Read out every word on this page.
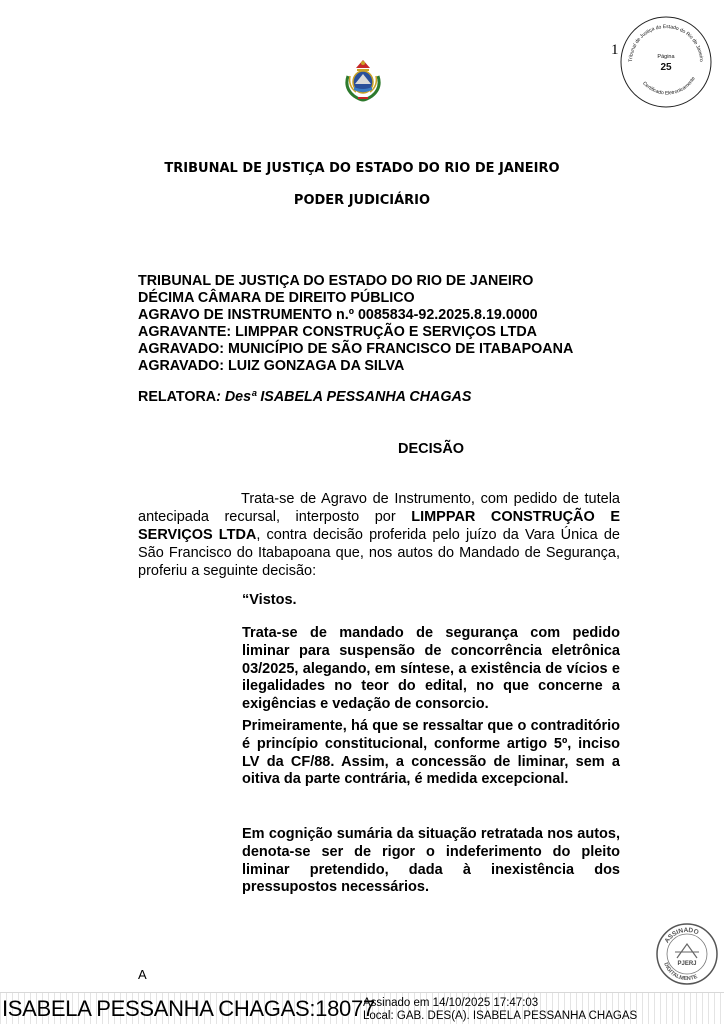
1
Tribunal de Justiça do Estado do Rio de Janeiro
Certificado Eletronicamente
Página
25
TRIBUNAL DE JUSTIÇA DO ESTADO DO RIO DE JANEIRO
PODER JUDICIÁRIO
TRIBUNAL DE JUSTIÇA DO ESTADO DO RIO DE JANEIRO
DÉCIMA CÂMARA DE DIREITO PÚBLICO
AGRAVO DE INSTRUMENTO n.º 0085834-92.2025.8.19.0000
AGRAVANTE: LIMPPAR CONSTRUÇÃO E SERVIÇOS LTDA
AGRAVADO: MUNICÍPIO DE SÃO FRANCISCO DE ITABAPOANA
AGRAVADO: LUIZ GONZAGA DA SILVA
RELATORA: Desª ISABELA PESSANHA CHAGAS
DECISÃO
Trata-se de Agravo de Instrumento, com pedido de tutela antecipada recursal, interposto por LIMPPAR CONSTRUÇÃO E SERVIÇOS LTDA, contra decisão proferida pelo juízo da Vara Única de São Francisco do Itabapoana que, nos autos do Mandado de Segurança, proferiu a seguinte decisão:
“Vistos.
Trata-se de mandado de segurança com pedido liminar para suspensão de concorrência eletrônica 03/2025, alegando, em síntese, a existência de vícios e ilegalidades no teor do edital, no que concerne a exigências e vedação de consorcio.
Primeiramente, há que se ressaltar que o contraditório é princípio constitucional, conforme artigo 5º, inciso LV da CF/88. Assim, a concessão de liminar, sem a oitiva da parte contrária, é medida excepcional.
Em cognição sumária da situação retratada nos autos, denota-se ser de rigor o indeferimento do pleito liminar pretendido, dada à inexistência dos pressupostos necessários.
A
ASSINADO
DIGITALMENTE
PJERJ
ISABELA PESSANHA CHAGAS:18077
Assinado em 14/10/2025 17:47:03
Local: GAB. DES(A). ISABELA PESSANHA CHAGAS
